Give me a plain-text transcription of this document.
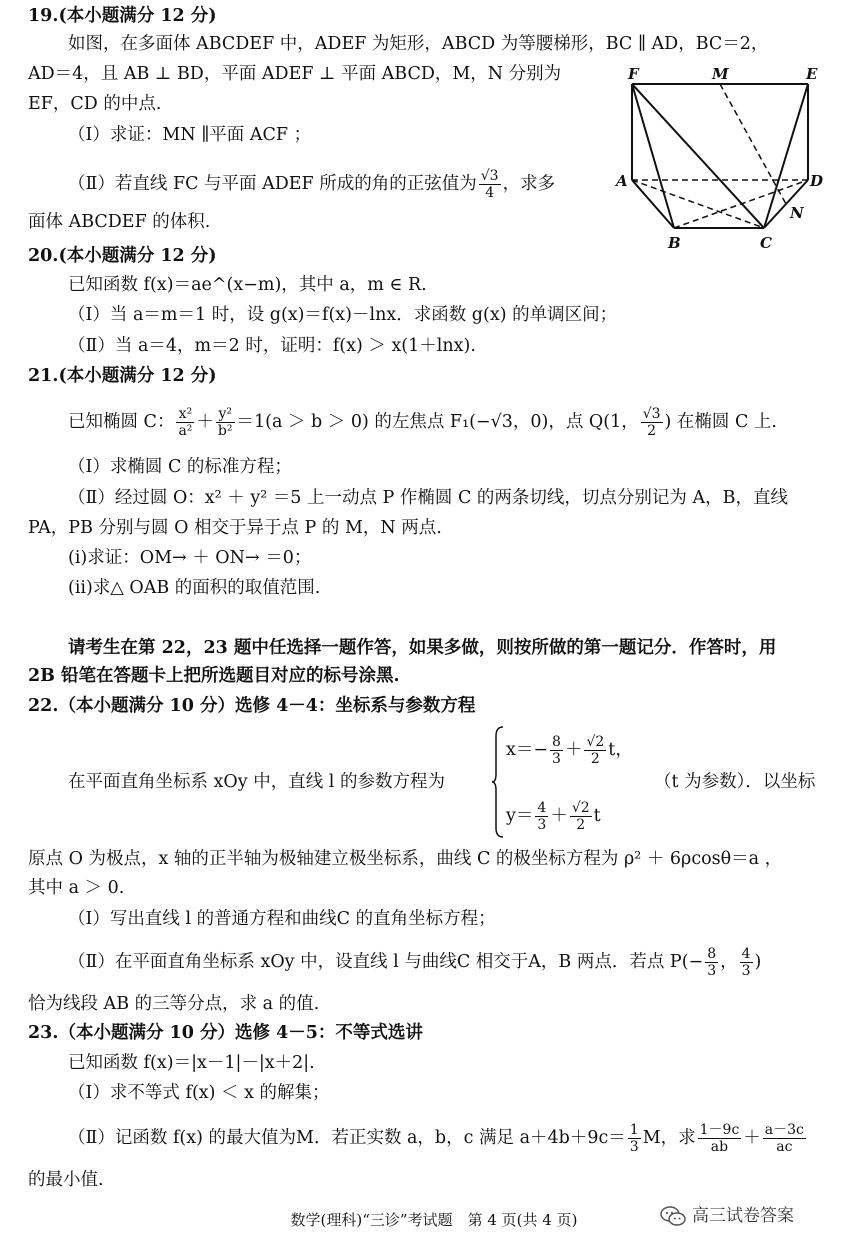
19.(本小题满分 12 分)
如图，在多面体 ABCDEF 中，ADEF 为矩形，ABCD 为等腰梯形，BC ∥ AD，BC＝2，
AD＝4，且 AB ⊥ BD，平面 ADEF ⊥ 平面 ABCD，M，N 分别为
EF，CD 的中点.
（Ⅰ）求证：MN ∥平面 ACF ；
（Ⅱ）若直线 FC 与平面 ADEF 所成的角的正弦值为 $\frac{√3}{4}$ ，求多
面体 ABCDEF 的体积.
F	M	E
A	D
N
B	C
20.(本小题满分 12 分)
已知函数 f(x)＝ae^(x−m)，其中 a，m ∈ R.
（Ⅰ）当 a＝m＝1 时，设 g(x)＝f(x)－lnx．求函数 g(x) 的单调区间；
（Ⅱ）当 a＝4，m＝2 时，证明：f(x) ＞ x(1＋lnx).
21.(本小题满分 12 分)
已知椭圆 C： $\frac{\text{x²}}{\text{a²}} + \frac{\text{y²}}{\text{b²}} =1(a > b > 0)$ 的左焦点 F₁(−√3，0)，点 Q(1， $\frac{√3}{2}$ ) 在椭圆 C 上.
（Ⅰ）求椭圆 C 的标准方程；
（Ⅱ）经过圆 O：x² ＋ y² ＝5 上一动点 P 作椭圆 C 的两条切线，切点分别记为 A，B，直线
PA，PB 分别与圆 O 相交于异于点 P 的 M，N 两点.
(i)求证：OM→ ＋ ON→ ＝0；
(ii)求△ OAB 的面积的取值范围.
请考生在第 22，23 题中任选择一题作答，如果多做，则按所做的第一题记分．作答时，用
2B 铅笔在答题卡上把所选题目对应的标号涂黑.
22.（本小题满分 10 分）选修 4－4：坐标系与参数方程
在平面直角坐标系 xOy 中，直线 l 的参数方程为
$x=- \frac{8}{3} + \frac{√2}{2}$ t，
$y= \frac{4}{3} + \frac{√2}{2}$ t
（t 为参数）．以坐标
原点 O 为极点，x 轴的正半轴为极轴建立极坐标系，曲线 C 的极坐标方程为 ρ² ＋ 6ρcosθ＝a ，
其中 a ＞ 0.
（Ⅰ）写出直线 l 的普通方程和曲线C 的直角坐标方程；
（Ⅱ）在平面直角坐标系 xOy 中，设直线 l 与曲线C 相交于A，B 两点．若点 $P(- \frac{8}{3}$ ， $\frac{4}{3}$ )
恰为线段 AB 的三等分点，求 a 的值.
23.（本小题满分 10 分）选修 4－5：不等式选讲
已知函数 f(x)＝|x－1|－|x＋2|.
（Ⅰ）求不等式 f(x) ＜ x 的解集；
（Ⅱ）记函数 f(x) 的最大值为M．若正实数 a，b，c 满足 $a+4b+9c= \frac{1}{3}$ M，求 $\frac{1-9c}{ab} + \frac{a-3c}{ac}$
的最小值.
数学(理科)“三诊”考试题　第 4 页(共 4 页)	高三试卷答案
